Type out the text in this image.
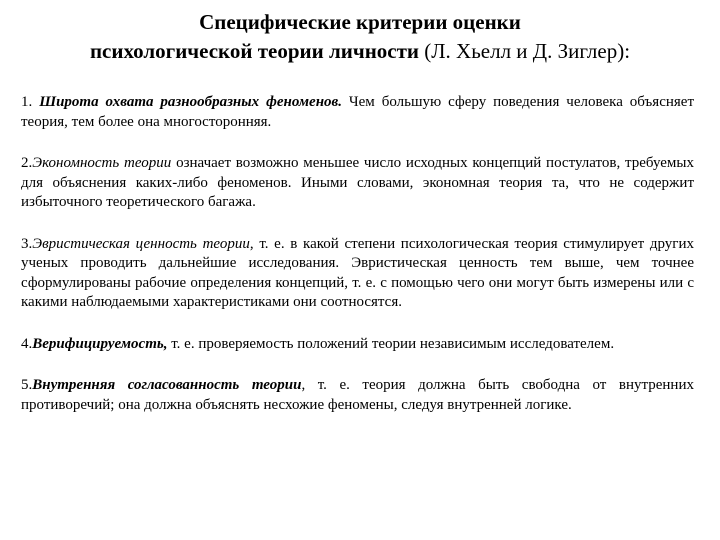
Специфические критерии оценки
психологической теории личности (Л. Хьелл и Д. Зиглер):

1. Широта охвата разнообразных феноменов. Чем большую сферу поведения человека объясняет теория, тем более она многосторонняя.

2.Экономность теории означает возможно меньшее число исходных концепций постулатов, требуемых для объяснения каких-либо феноменов. Иными словами, экономная теория та, что не содержит избыточного теоретического багажа.

3.Эвристическая ценность теории, т. е. в какой степени психологическая теория стимулирует других ученых проводить дальнейшие исследования. Эвристическая ценность тем выше, чем точнее сформулированы рабочие определения концепций, т. е. с помощью чего они могут быть измерены или с какими наблюдаемыми характеристиками они соотносятся.

4.Верифицируемость, т. е. проверяемость положений теории независимым исследователем.

5.Внутренняя согласованность теории, т. е. теория должна быть свободна от внутренних противоречий; она должна объяснять несхожие феномены, следуя внутренней логике.
